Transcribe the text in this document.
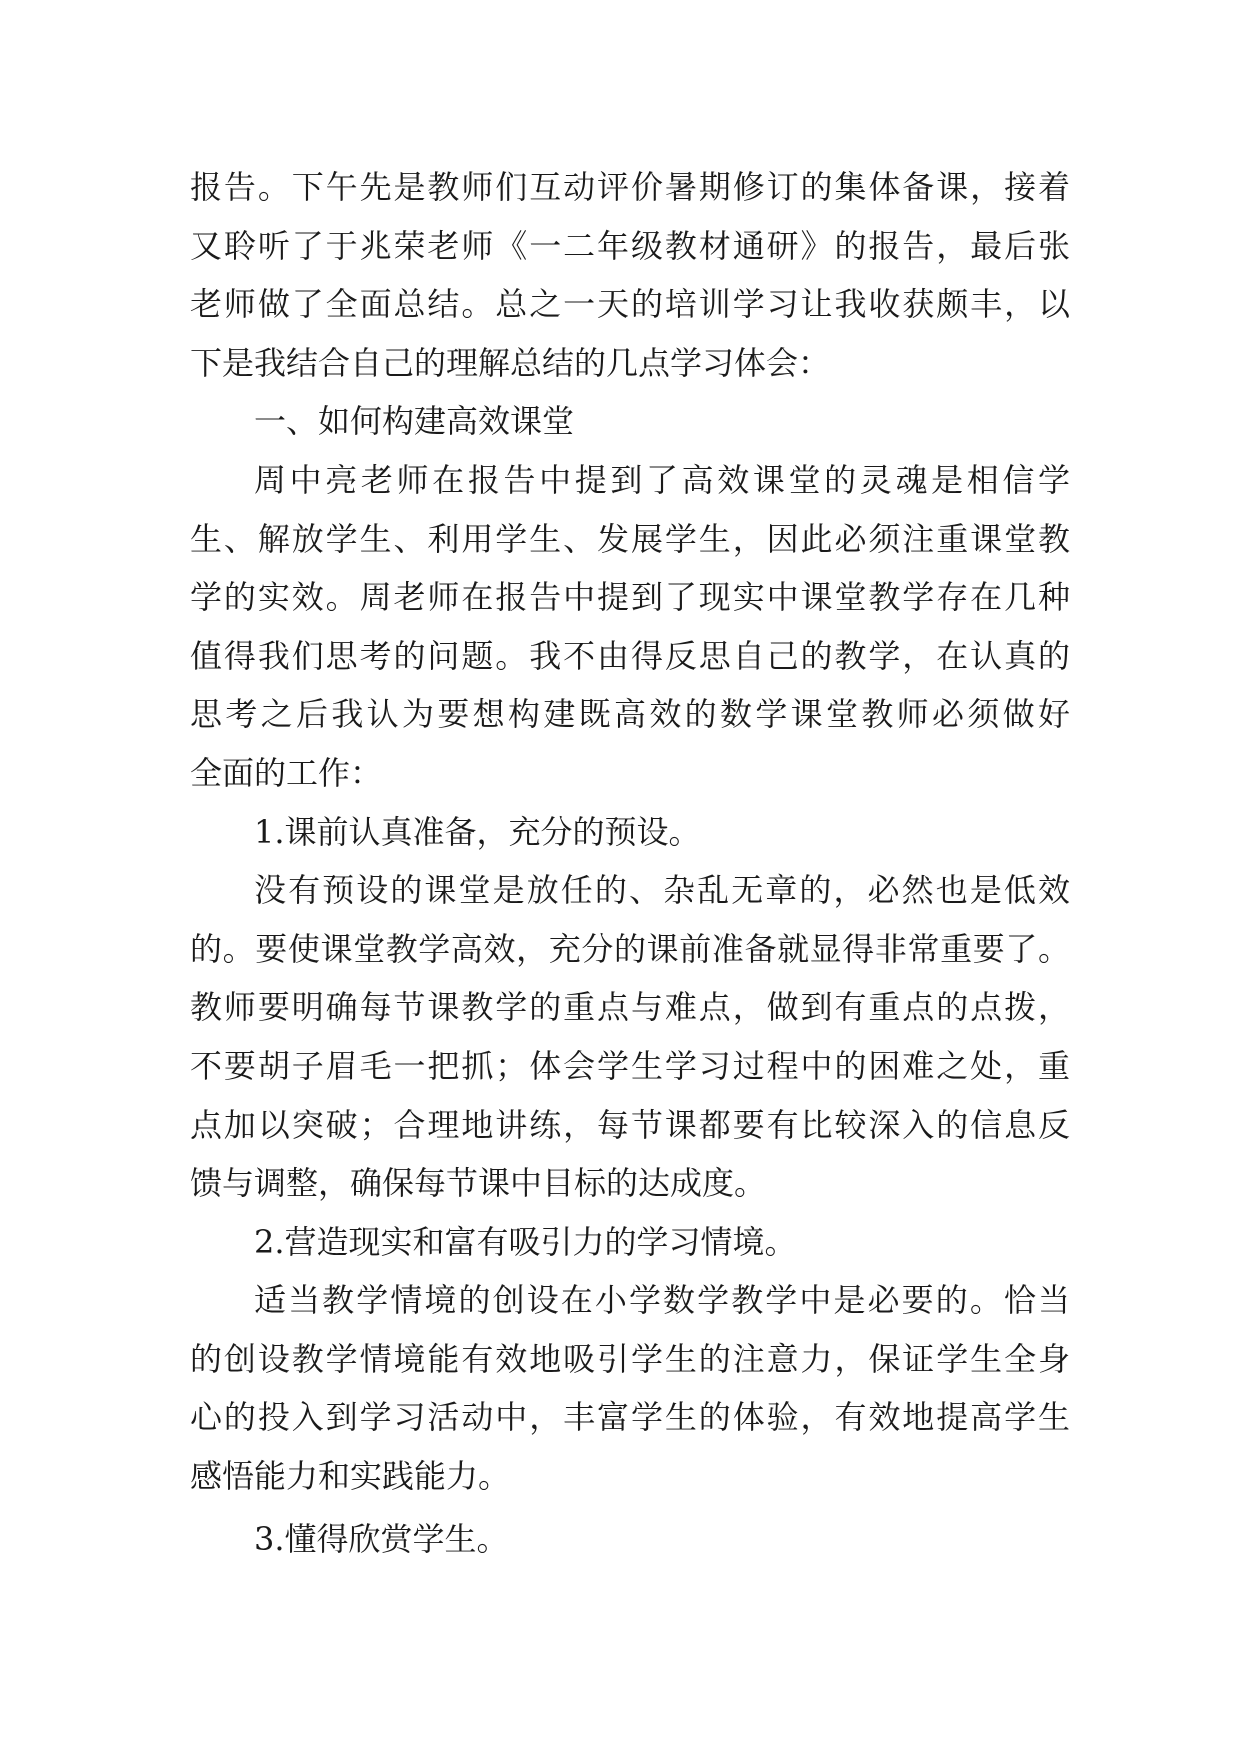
报告。下午先是教师们互动评价暑期修订的集体备课，接着
又聆听了于兆荣老师《一二年级教材通研》的报告，最后张
老师做了全面总结。总之一天的培训学习让我收获颇丰，以
下是我结合自己的理解总结的几点学习体会：
一、如何构建高效课堂
周中亮老师在报告中提到了高效课堂的灵魂是相信学
生、解放学生、利用学生、发展学生，因此必须注重课堂教
学的实效。周老师在报告中提到了现实中课堂教学存在几种
值得我们思考的问题。我不由得反思自己的教学，在认真的
思考之后我认为要想构建既高效的数学课堂教师必须做好
全面的工作：
1.课前认真准备，充分的预设。
没有预设的课堂是放任的、杂乱无章的，必然也是低效
的。要使课堂教学高效，充分的课前准备就显得非常重要了。
教师要明确每节课教学的重点与难点，做到有重点的点拨，
不要胡子眉毛一把抓；体会学生学习过程中的困难之处，重
点加以突破；合理地讲练，每节课都要有比较深入的信息反
馈与调整，确保每节课中目标的达成度。
2.营造现实和富有吸引力的学习情境。
适当教学情境的创设在小学数学教学中是必要的。恰当
的创设教学情境能有效地吸引学生的注意力，保证学生全身
心的投入到学习活动中，丰富学生的体验，有效地提高学生
感悟能力和实践能力。
3.懂得欣赏学生。
